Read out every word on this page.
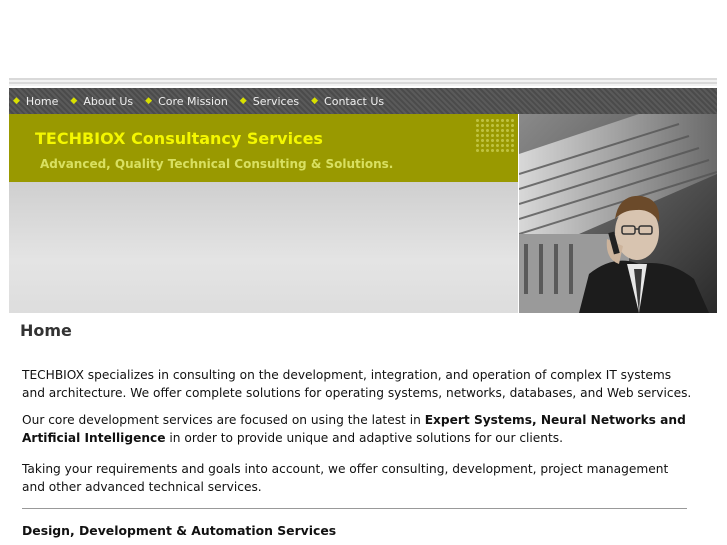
◆ Home ◆ About Us ◆ Core Mission ◆ Services ◆ Contact Us
TECHBIOX Consultancy Services
Advanced, Quality Technical Consulting & Solutions.
Home

TECHBIOX specializes in consulting on the development, integration, and operation of complex IT systems and architecture. We offer complete solutions for operating systems, networks, databases, and Web services.

Our core development services are focused on using the latest in Expert Systems, Neural Networks and Artificial Intelligence in order to provide unique and adaptive solutions for our clients.

Taking your requirements and goals into account, we offer consulting, development, project management and other advanced technical services.

Design, Development & Automation Services
